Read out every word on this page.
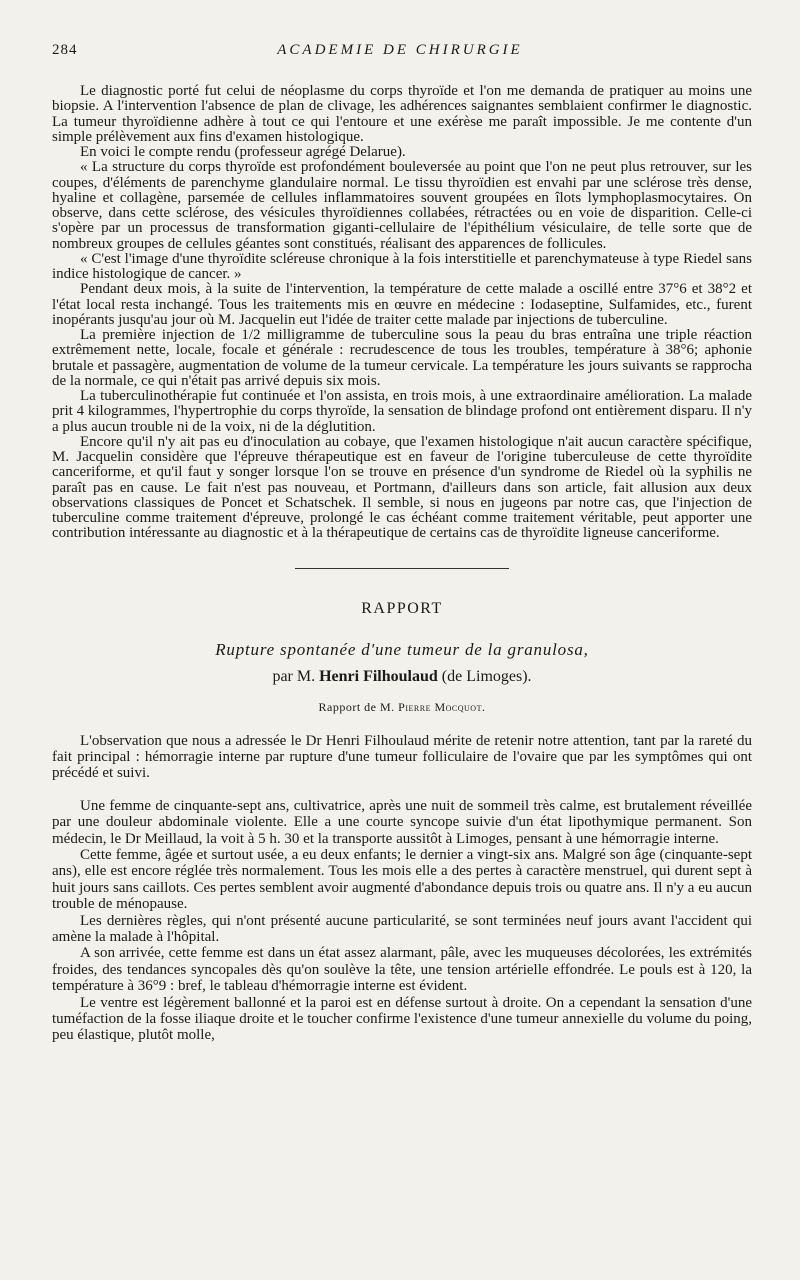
284	ACADEMIE DE CHIRURGIE

Le diagnostic porté fut celui de néoplasme du corps thyroïde et l'on me demanda de pratiquer au moins une biopsie. A l'intervention l'absence de plan de clivage, les adhérences saignantes semblaient confirmer le diagnostic. La tumeur thyroïdienne adhère à tout ce qui l'entoure et une exérèse me paraît impossible. Je me contente d'un simple prélèvement aux fins d'examen histologique.

En voici le compte rendu (professeur agrégé Delarue).

« La structure du corps thyroïde est profondément bouleversée au point que l'on ne peut plus retrouver, sur les coupes, d'éléments de parenchyme glandulaire normal. Le tissu thyroïdien est envahi par une sclérose très dense, hyaline et collagène, parsemée de cellules inflammatoires souvent groupées en îlots lymphoplasmocytaires. On observe, dans cette sclérose, des vésicules thyroïdiennes collabées, rétractées ou en voie de disparition. Celle-ci s'opère par un processus de transformation giganti-cellulaire de l'épithélium vésiculaire, de telle sorte que de nombreux groupes de cellules géantes sont constitués, réalisant des apparences de follicules.

« C'est l'image d'une thyroïdite scléreuse chronique à la fois interstitielle et parenchymateuse à type Riedel sans indice histologique de cancer. »

Pendant deux mois, à la suite de l'intervention, la température de cette malade a oscillé entre 37°6 et 38°2 et l'état local resta inchangé. Tous les traitements mis en œuvre en médecine : Iodaseptine, Sulfamides, etc., furent inopérants jusqu'au jour où M. Jacquelin eut l'idée de traiter cette malade par injections de tuberculine.

La première injection de 1/2 milligramme de tuberculine sous la peau du bras entraîna une triple réaction extrêmement nette, locale, focale et générale : recrudescence de tous les troubles, température à 38°6; aphonie brutale et passagère, augmentation de volume de la tumeur cervicale. La température les jours suivants se rapprocha de la normale, ce qui n'était pas arrivé depuis six mois.

La tuberculinothérapie fut continuée et l'on assista, en trois mois, à une extraordinaire amélioration. La malade prit 4 kilogrammes, l'hypertrophie du corps thyroïde, la sensation de blindage profond ont entièrement disparu. Il n'y a plus aucun trouble ni de la voix, ni de la déglutition.

Encore qu'il n'y ait pas eu d'inoculation au cobaye, que l'examen histologique n'ait aucun caractère spécifique, M. Jacquelin considère que l'épreuve thérapeutique est en faveur de l'origine tuberculeuse de cette thyroïdite canceriforme, et qu'il faut y songer lorsque l'on se trouve en présence d'un syndrome de Riedel où la syphilis ne paraît pas en cause. Le fait n'est pas nouveau, et Portmann, d'ailleurs dans son article, fait allusion aux deux observations classiques de Poncet et Schatschek. Il semble, si nous en jugeons par notre cas, que l'injection de tuberculine comme traitement d'épreuve, prolongé le cas échéant comme traitement véritable, peut apporter une contribution intéressante au diagnostic et à la thérapeutique de certains cas de thyroïdite ligneuse canceriforme.

RAPPORT
Rupture spontanée d'une tumeur de la granulosa,
par M. Henri Filhoulaud (de Limoges).
Rapport de M. Pierre Mocquot.

L'observation que nous a adressée le Dr Henri Filhoulaud mérite de retenir notre attention, tant par la rareté du fait principal : hémorragie interne par rupture d'une tumeur folliculaire de l'ovaire que par les symptômes qui ont précédé et suivi.

Une femme de cinquante-sept ans, cultivatrice, après une nuit de sommeil très calme, est brutalement réveillée par une douleur abdominale violente. Elle a une courte syncope suivie d'un état lipothymique permanent. Son médecin, le Dr Meillaud, la voit à 5 h. 30 et la transporte aussitôt à Limoges, pensant à une hémorragie interne.

Cette femme, âgée et surtout usée, a eu deux enfants; le dernier a vingt-six ans. Malgré son âge (cinquante-sept ans), elle est encore réglée très normalement. Tous les mois elle a des pertes à caractère menstruel, qui durent sept à huit jours sans caillots. Ces pertes semblent avoir augmenté d'abondance depuis trois ou quatre ans. Il n'y a eu aucun trouble de ménopause.

Les dernières règles, qui n'ont présenté aucune particularité, se sont terminées neuf jours avant l'accident qui amène la malade à l'hôpital.

A son arrivée, cette femme est dans un état assez alarmant, pâle, avec les muqueuses décolorées, les extrémités froides, des tendances syncopales dès qu'on soulève la tête, une tension artérielle effondrée. Le pouls est à 120, la température à 36°9 : bref, le tableau d'hémorragie interne est évident.

Le ventre est légèrement ballonné et la paroi est en défense surtout à droite. On a cependant la sensation d'une tuméfaction de la fosse iliaque droite et le toucher confirme l'existence d'une tumeur annexielle du volume du poing, peu élastique, plutôt molle,
